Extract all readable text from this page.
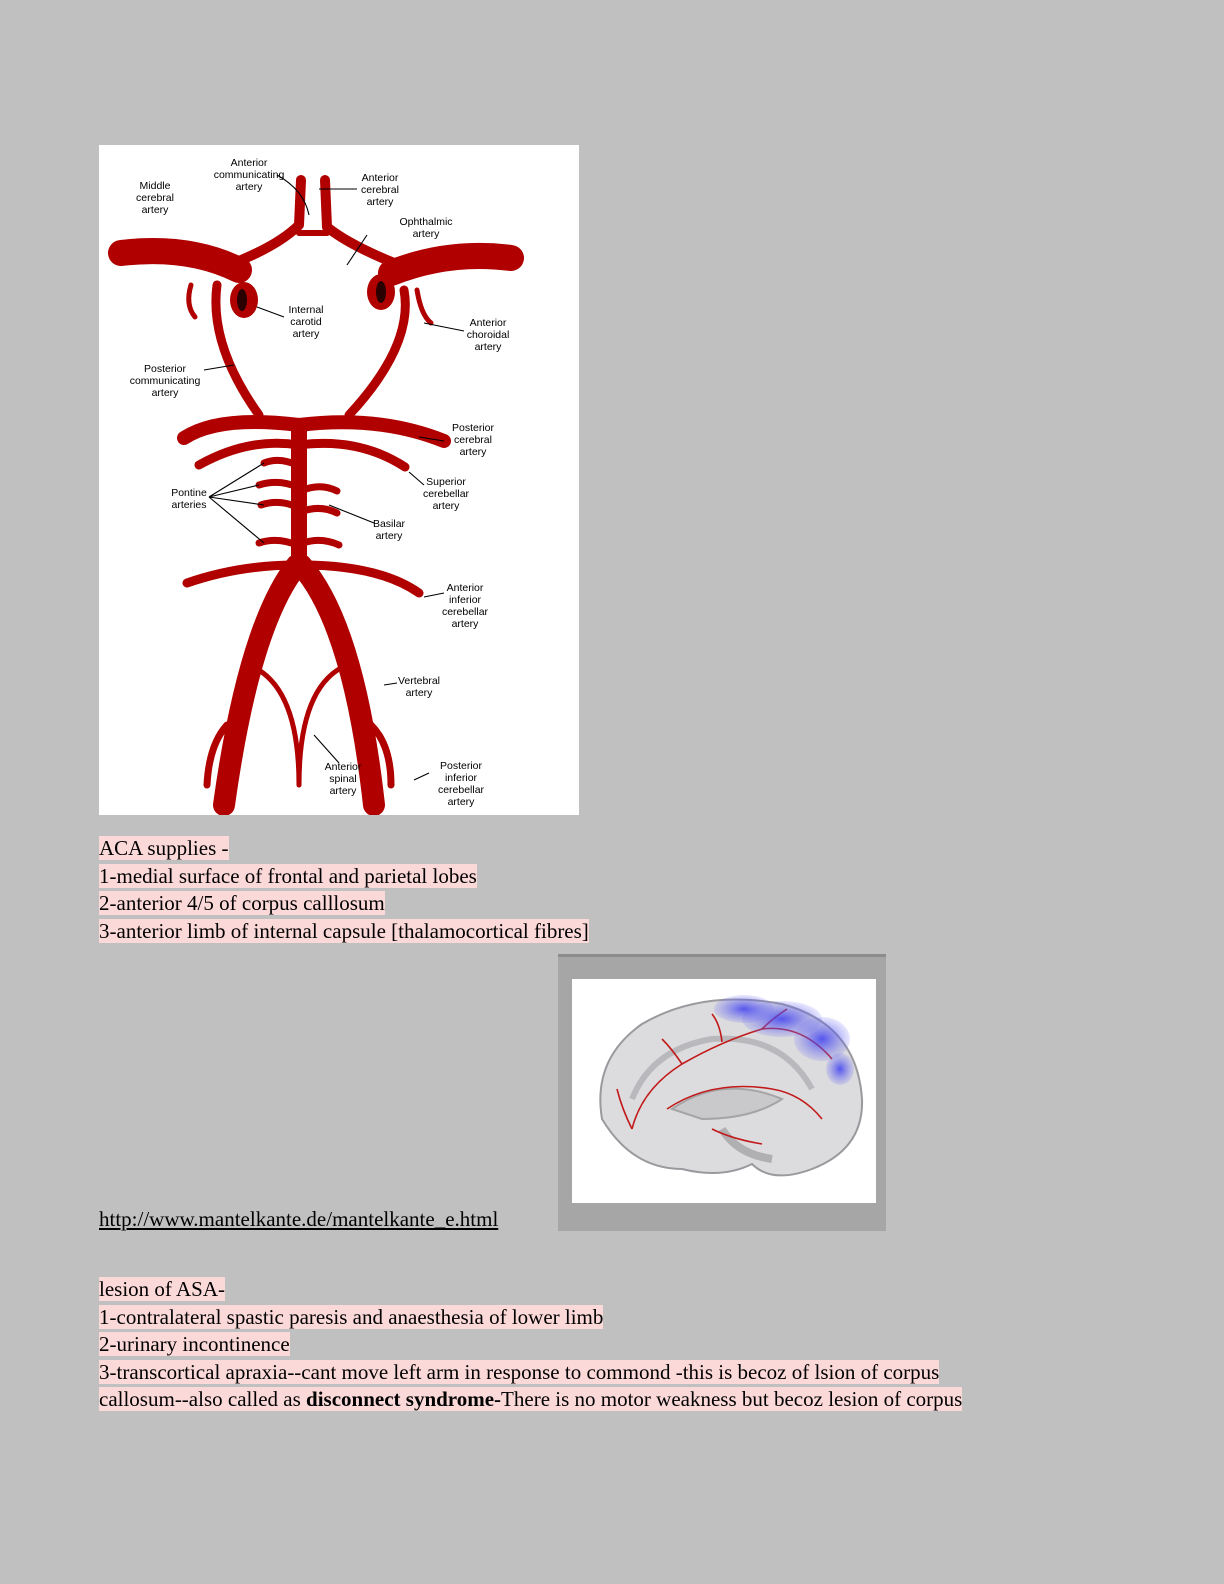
Middle cerebral artery
Anterior communicating artery
Anterior cerebral artery
Ophthalmic artery
Internal carotid artery
Anterior choroidal artery
Posterior communicating artery
Posterior cerebral artery
Superior cerebellar artery
Pontine arteries
Basilar artery
Anterior inferior cerebellar artery
Vertebral artery
Anterior spinal artery
Posterior inferior cerebellar artery
ACA supplies -
1-medial surface of frontal and parietal lobes
2-anterior 4/5 of corpus calllosum
3-anterior limb of internal capsule [thalamocortical fibres]
http://www.mantelkante.de/mantelkante_e.html
lesion of ASA-
1-contralateral spastic paresis and anaesthesia of lower limb
2-urinary incontinence
3-transcortical apraxia--cant move left arm in response to commond -this is becoz of lsion of corpus
callosum--also called as disconnect syndrome-There is no motor weakness but becoz lesion of corpus
